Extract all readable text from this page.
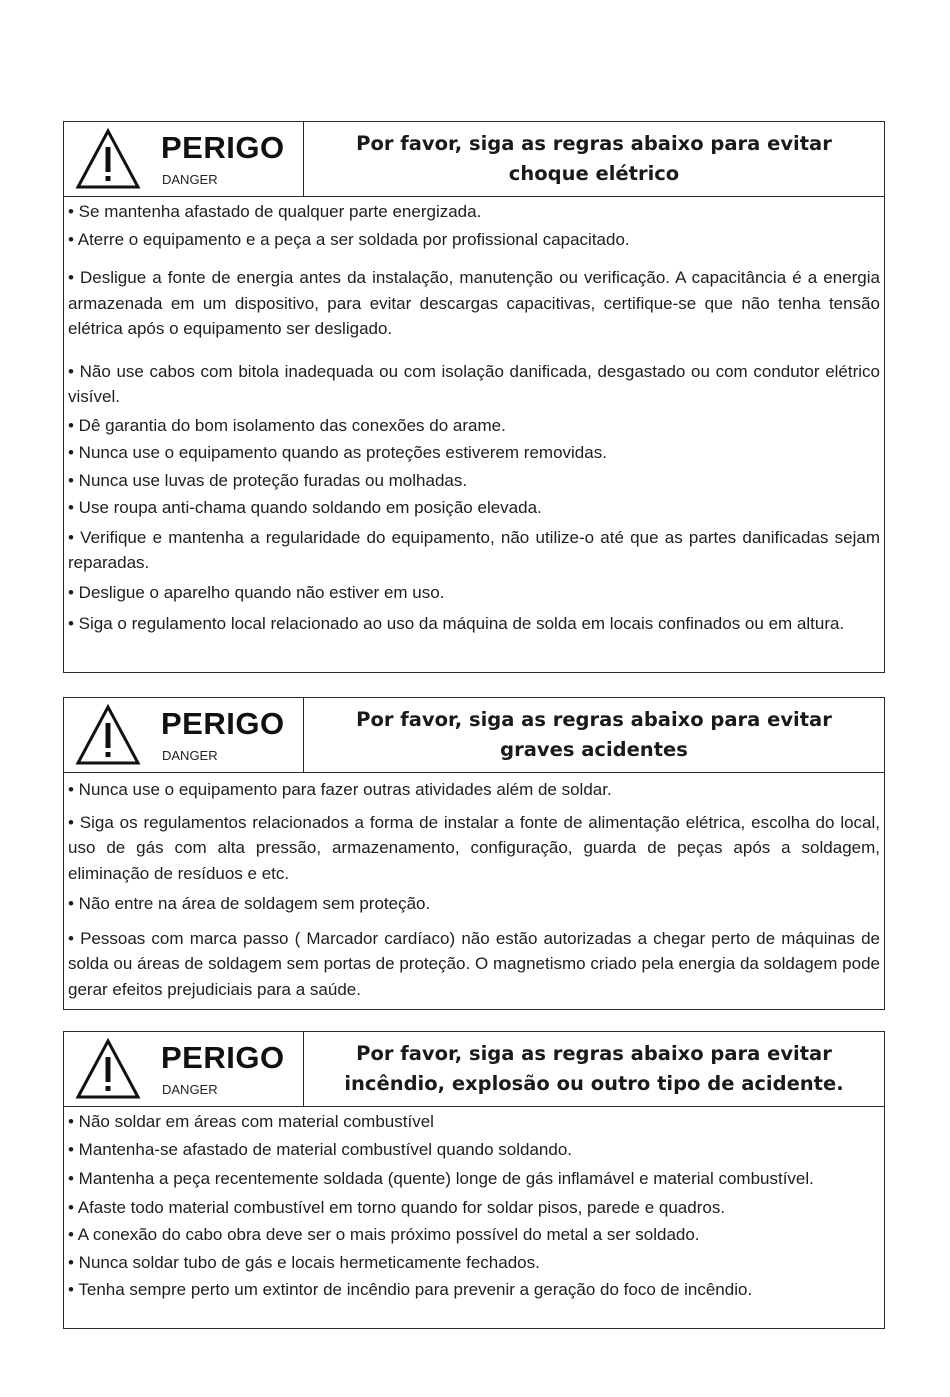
PERIGO
DANGER
Por favor, siga as regras abaixo para evitar choque elétrico

• Se mantenha afastado de qualquer parte energizada.

• Aterre o equipamento e a peça a ser soldada por profissional capacitado.

• Desligue a fonte de energia antes da instalação, manutenção ou verificação. A capacitância é a energia armazenada em um dispositivo, para evitar descargas capacitivas, certifique-se que não tenha tensão elétrica após o equipamento ser desligado.

• Não use cabos com bitola inadequada ou com isolação danificada, desgastado ou com condutor elétrico visível.

• Dê garantia do bom isolamento das conexões do arame.

• Nunca use o equipamento quando as proteções estiverem removidas.

• Nunca use luvas de proteção furadas ou molhadas.

• Use roupa anti-chama quando soldando em posição elevada.

• Verifique e mantenha a regularidade do equipamento, não utilize-o até que as partes danificadas sejam reparadas.

• Desligue o aparelho quando não estiver em uso.

• Siga o regulamento local relacionado ao uso da máquina de solda em locais confinados ou em altura.

PERIGO
DANGER
Por favor, siga as regras abaixo para evitar graves acidentes

• Nunca use o equipamento para fazer outras atividades além de soldar.

• Siga os regulamentos relacionados a forma de instalar a fonte de alimentação elétrica, escolha do local, uso de gás com alta pressão, armazenamento, configuração, guarda de peças após a soldagem, eliminação de resíduos e etc.

• Não entre na área de soldagem sem proteção.

• Pessoas com marca passo ( Marcador cardíaco) não estão autorizadas a chegar perto de máquinas de solda ou áreas de soldagem sem portas de proteção. O magnetismo criado pela energia da soldagem pode gerar efeitos prejudiciais para a saúde.

PERIGO
DANGER
Por favor, siga as regras abaixo para evitar incêndio, explosão ou outro tipo de acidente.

• Não soldar em áreas com material combustível

• Mantenha-se afastado de material combustível quando soldando.

• Mantenha a peça recentemente soldada (quente) longe de gás inflamável e material combustível.

• Afaste todo material combustível em torno quando for soldar pisos, parede e quadros.

• A conexão do cabo obra deve ser o mais próximo possível do metal a ser soldado.

• Nunca soldar tubo de gás e locais hermeticamente fechados.

• Tenha sempre perto um extintor de incêndio para prevenir a geração do foco de incêndio.
